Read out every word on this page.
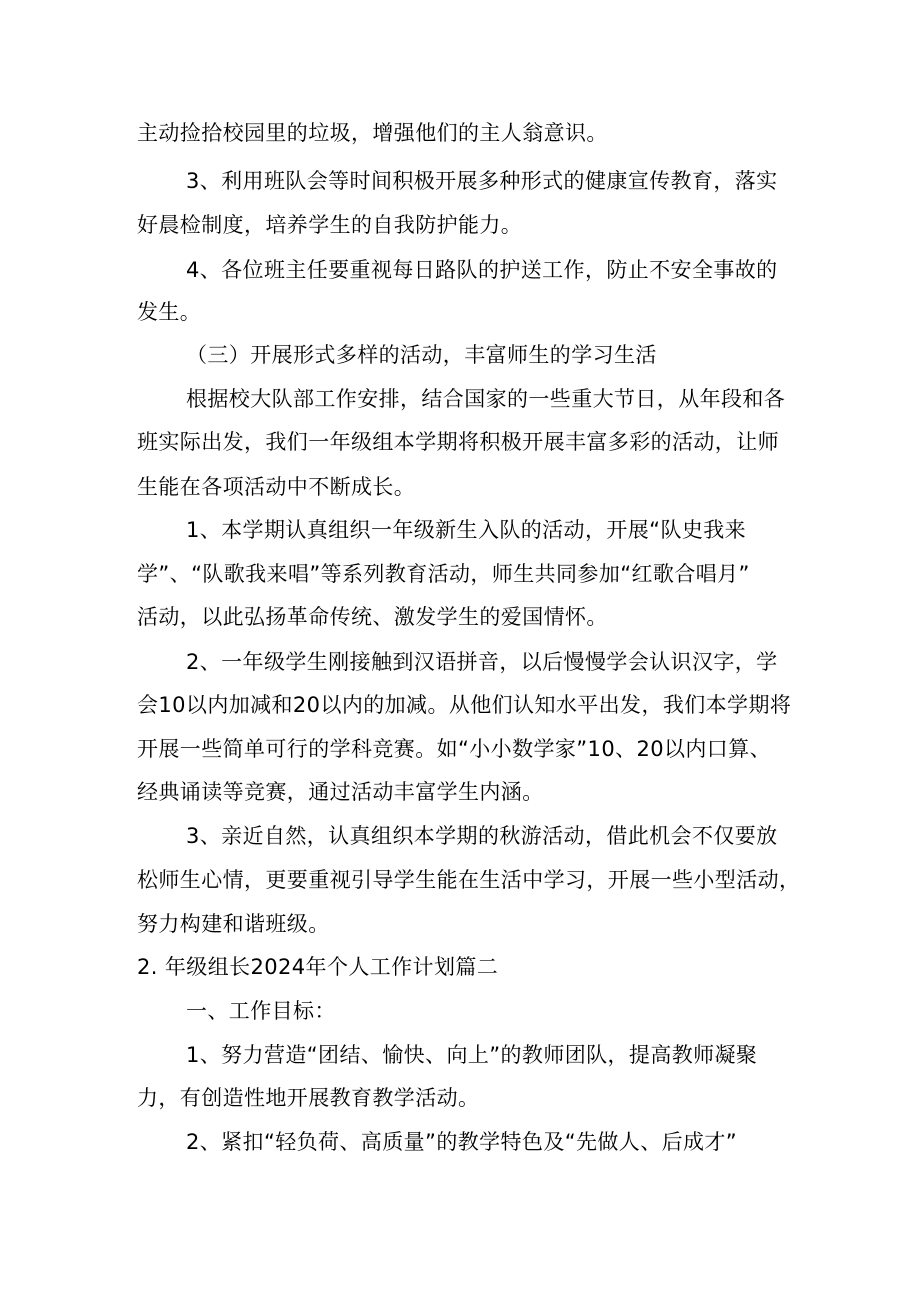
主动捡拾校园里的垃圾，增强他们的主人翁意识。
3、利用班队会等时间积极开展多种形式的健康宣传教育，落实
好晨检制度，培养学生的自我防护能力。
4、各位班主任要重视每日路队的护送工作，防止不安全事故的
发生。
（三）开展形式多样的活动，丰富师生的学习生活
根据校大队部工作安排，结合国家的一些重大节日，从年段和各
班实际出发，我们一年级组本学期将积极开展丰富多彩的活动，让师
生能在各项活动中不断成长。
1、本学期认真组织一年级新生入队的活动，开展“队史我来
学”、“队歌我来唱”等系列教育活动，师生共同参加“红歌合唱月”
活动，以此弘扬革命传统、激发学生的爱国情怀。
2、一年级学生刚接触到汉语拼音，以后慢慢学会认识汉字，学
会10以内加减和20以内的加减。从他们认知水平出发，我们本学期将
开展一些简单可行的学科竞赛。如“小小数学家”10、20以内口算、
经典诵读等竞赛，通过活动丰富学生内涵。
3、亲近自然，认真组织本学期的秋游活动，借此机会不仅要放
松师生心情，更要重视引导学生能在生活中学习，开展一些小型活动，
努力构建和谐班级。
2. 年级组长2024年个人工作计划篇二
一、工作目标：
1、努力营造“团结、愉快、向上”的教师团队，提高教师凝聚
力，有创造性地开展教育教学活动。
2、紧扣“轻负荷、高质量”的教学特色及“先做人、后成才”
